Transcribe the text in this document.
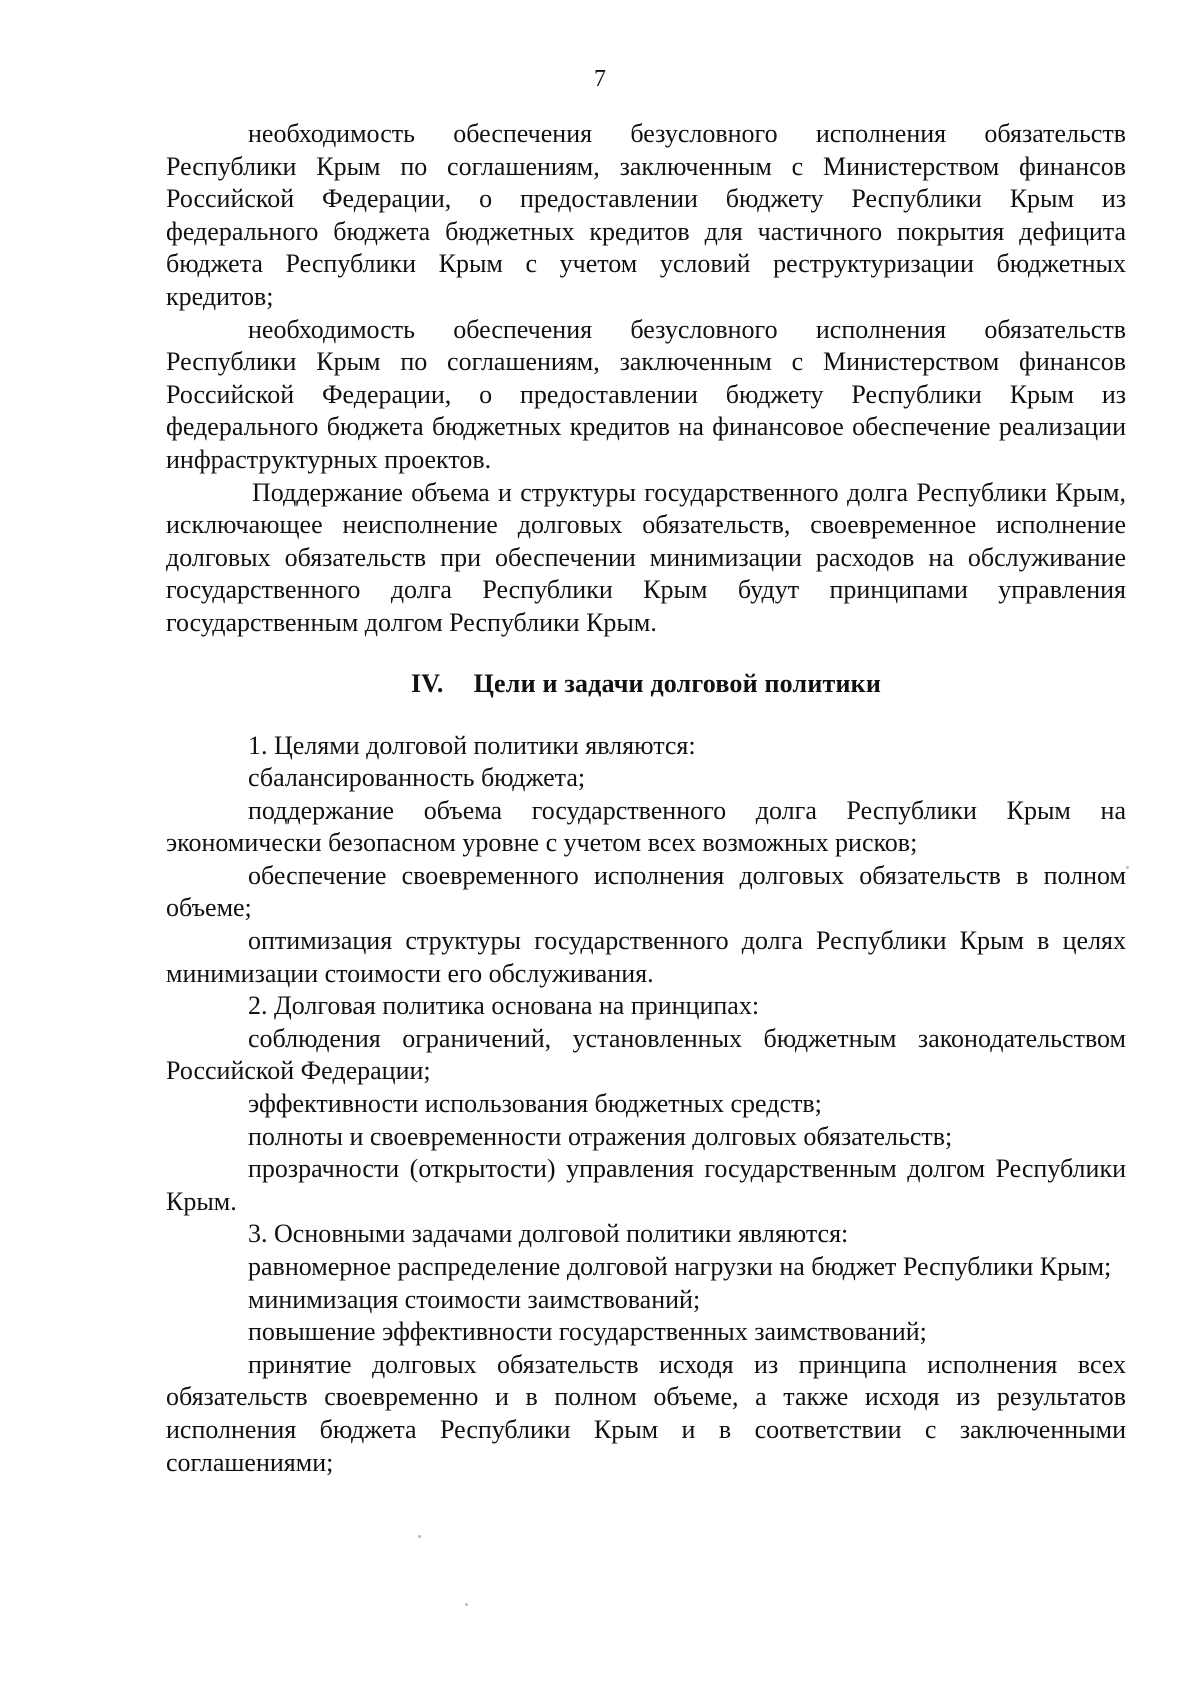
7

необходимость обеспечения безусловного исполнения обязательств Республики Крым по соглашениям, заключенным с Министерством финансов Российской Федерации, о предоставлении бюджету Республики Крым из федерального бюджета бюджетных кредитов для частичного покрытия дефицита бюджета Республики Крым с учетом условий реструктуризации бюджетных кредитов;

необходимость обеспечения безусловного исполнения обязательств Республики Крым по соглашениям, заключенным с Министерством финансов Российской Федерации, о предоставлении бюджету Республики Крым из федерального бюджета бюджетных кредитов на финансовое обеспечение реализации инфраструктурных проектов.

Поддержание объема и структуры государственного долга Республики Крым, исключающее неисполнение долговых обязательств, своевременное исполнение долговых обязательств при обеспечении минимизации расходов на обслуживание государственного долга Республики Крым будут принципами управления государственным долгом Республики Крым.

IV. Цели и задачи долговой политики

1. Целями долговой политики являются:

сбалансированность бюджета;

поддержание объема государственного долга Республики Крым на экономически безопасном уровне с учетом всех возможных рисков;

обеспечение своевременного исполнения долговых обязательств в полном объеме;

оптимизация структуры государственного долга Республики Крым в целях минимизации стоимости его обслуживания.

2. Долговая политика основана на принципах:

соблюдения ограничений, установленных бюджетным законодательством Российской Федерации;

эффективности использования бюджетных средств;

полноты и своевременности отражения долговых обязательств;

прозрачности (открытости) управления государственным долгом Республики Крым.

3. Основными задачами долговой политики являются:

равномерное распределение долговой нагрузки на бюджет Республики Крым;

минимизация стоимости заимствований;

повышение эффективности государственных заимствований;

принятие долговых обязательств исходя из принципа исполнения всех обязательств своевременно и в полном объеме, а также исходя из результатов исполнения бюджета Республики Крым и в соответствии с заключенными соглашениями;
